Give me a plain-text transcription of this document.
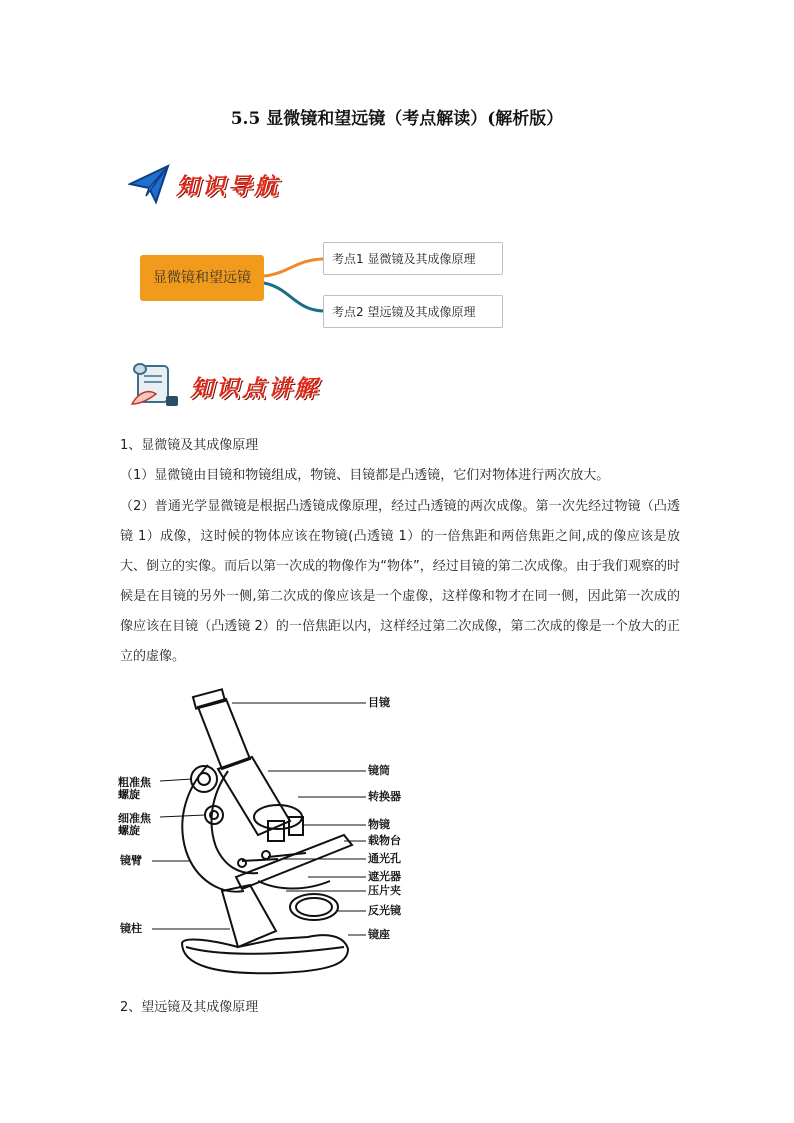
5.5 显微镜和望远镜（考点解读）(解析版）
知识导航
显微镜和望远镜
考点1 显微镜及其成像原理
考点2 望远镜及其成像原理
知识点讲解
1、显微镜及其成像原理
（1）显微镜由目镜和物镜组成，物镜、目镜都是凸透镜，它们对物体进行两次放大。
（2）普通光学显微镜是根据凸透镜成像原理，经过凸透镜的两次成像。第一次先经过物镜（凸透镜 1）成像，这时候的物体应该在物镜(凸透镜 1）的一倍焦距和两倍焦距之间,成的像应该是放大、倒立的实像。而后以第一次成的物像作为“物体”，经过目镜的第二次成像。由于我们观察的时候是在目镜的另外一侧,第二次成的像应该是一个虚像，这样像和物才在同一侧，因此第一次成的像应该在目镜（凸透镜 2）的一倍焦距以内，这样经过第二次成像，第二次成的像是一个放大的正立的虚像。
目镜
镜筒
转换器
物镜
载物台
通光孔
遮光器
压片夹
反光镜
镜座
粗准焦
螺旋
细准焦
螺旋
镜臂
镜柱
2、望远镜及其成像原理
